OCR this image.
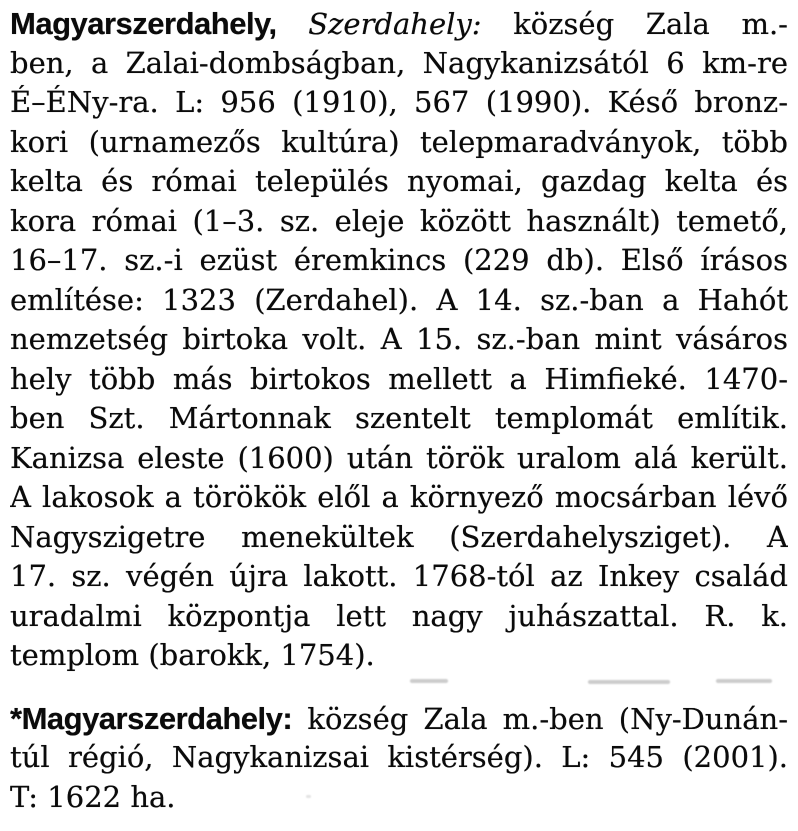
Magyarszerdahely, Szerdahely: község Zala m.-
ben, a Zalai-dombságban, Nagykanizsától 6 km-re
É–ÉNy-ra. L: 956 (1910), 567 (1990). Késő bronz-
kori (urnamezős kultúra) telepmaradványok, több
kelta és római település nyomai, gazdag kelta és
kora római (1–3. sz. eleje között használt) temető,
16–17. sz.-i ezüst éremkincs (229 db). Első írásos
említése: 1323 (Zerdahel). A 14. sz.-ban a Hahót
nemzetség birtoka volt. A 15. sz.-ban mint vásáros
hely több más birtokos mellett a Himfieké. 1470-
ben Szt. Mártonnak szentelt templomát említik.
Kanizsa eleste (1600) után török uralom alá került.
A lakosok a törökök elől a környező mocsárban lévő
Nagyszigetre menekültek (Szerdahelysziget). A
17. sz. végén újra lakott. 1768-tól az Inkey család
uradalmi központja lett nagy juhászattal. R. k.
templom (barokk, 1754).
*Magyarszerdahely: község Zala m.-ben (Ny-Dunán-
túl régió, Nagykanizsai kistérség). L: 545 (2001).
T: 1622 ha.
